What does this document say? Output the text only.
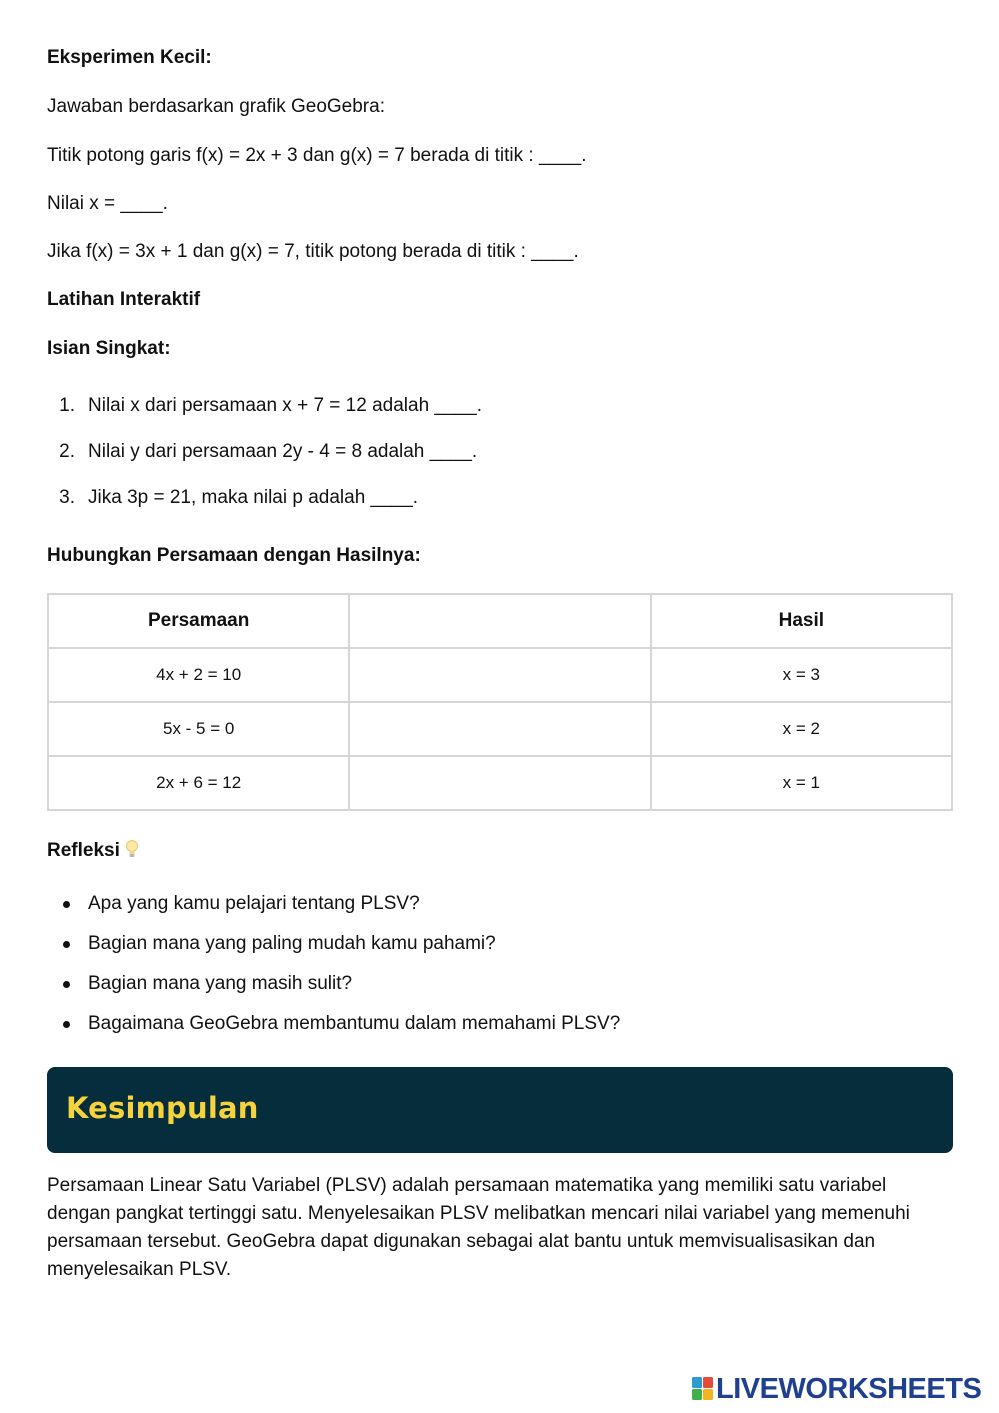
Eksperimen Kecil:
Jawaban berdasarkan grafik GeoGebra:
Titik potong garis f(x) = 2x + 3 dan g(x) = 7 berada di titik : ____.
Nilai x = ____.
Jika f(x) = 3x + 1 dan g(x) = 7, titik potong berada di titik : ____.
Latihan Interaktif
Isian Singkat:
1. Nilai x dari persamaan x + 7 = 12 adalah ____.
2. Nilai y dari persamaan 2y - 4 = 8 adalah ____.
3. Jika 3p = 21, maka nilai p adalah ____.
Hubungkan Persamaan dengan Hasilnya:
Persamaan		Hasil
4x + 2 = 10		x = 3
5x - 5 = 0		x = 2
2x + 6 = 12		x = 1
Refleksi
Apa yang kamu pelajari tentang PLSV?
Bagian mana yang paling mudah kamu pahami?
Bagian mana yang masih sulit?
Bagaimana GeoGebra membantumu dalam memahami PLSV?
Kesimpulan
Persamaan Linear Satu Variabel (PLSV) adalah persamaan matematika yang memiliki satu variabel dengan pangkat tertinggi satu. Menyelesaikan PLSV melibatkan mencari nilai variabel yang memenuhi persamaan tersebut. GeoGebra dapat digunakan sebagai alat bantu untuk memvisualisasikan dan menyelesaikan PLSV.
LIVEWORKSHEETS
